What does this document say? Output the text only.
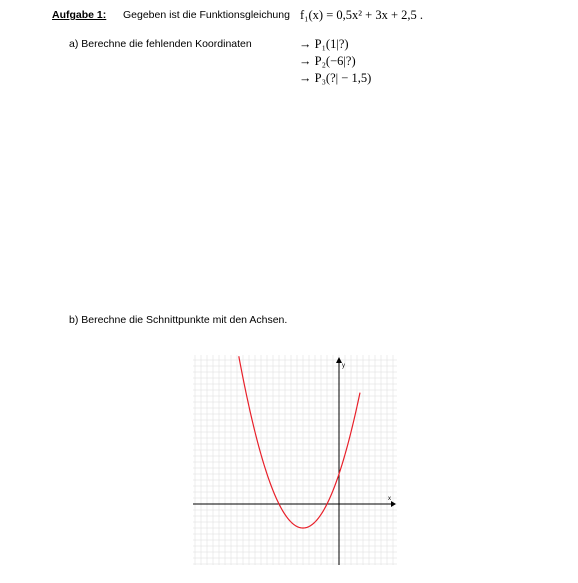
Aufgabe 1: Gegeben ist die Funktionsgleichung f₁(x) = 0,5x² + 3x + 2,5 .
a) Berechne die fehlenden Koordinaten	→ P₁(1|?)
→ P₂(−6|?)
→ P₃(?| − 1,5)
b) Berechne die Schnittpunkte mit den Achsen.
x
y
